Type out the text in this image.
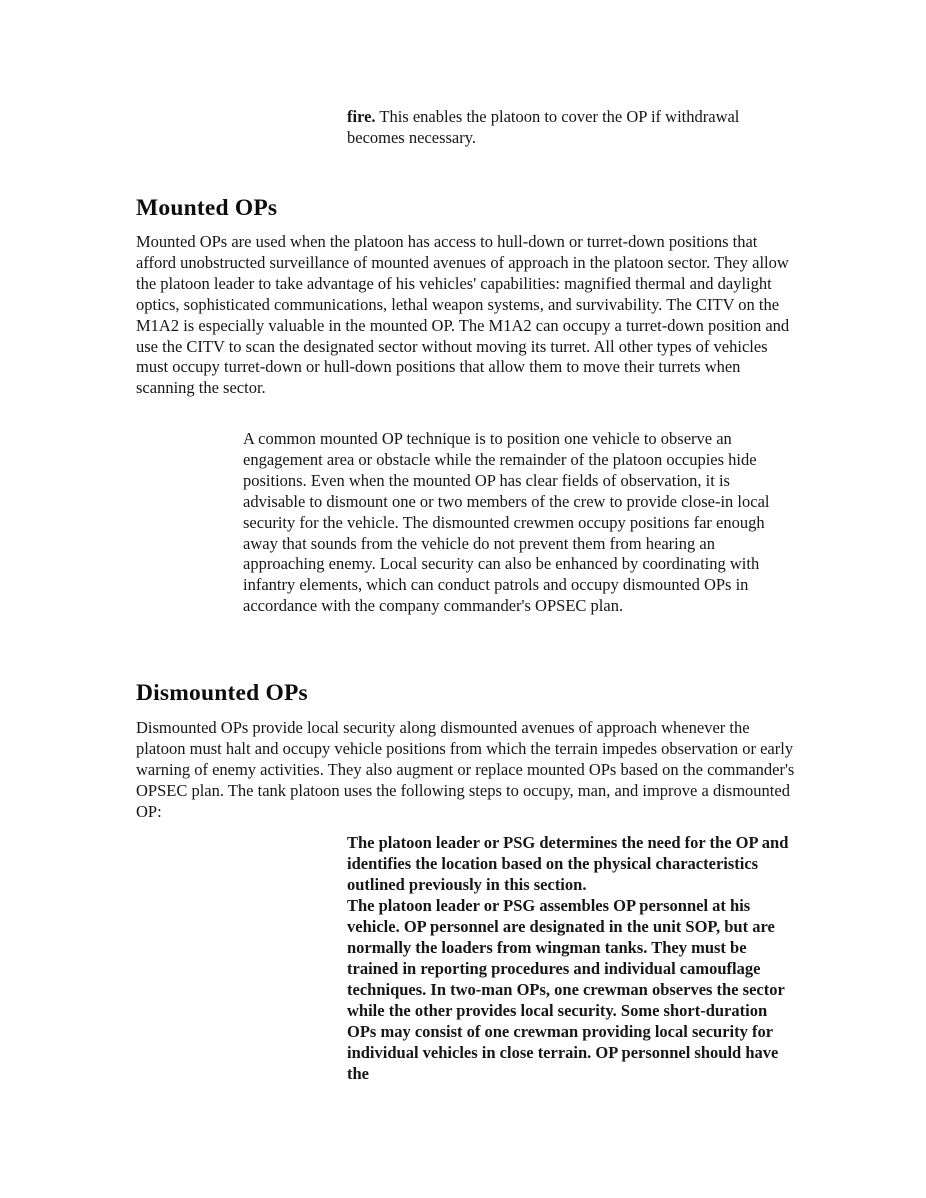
fire. This enables the platoon to cover the OP if withdrawal becomes necessary.
Mounted OPs

Mounted OPs are used when the platoon has access to hull-down or turret-down positions that afford unobstructed surveillance of mounted avenues of approach in the platoon sector. They allow the platoon leader to take advantage of his vehicles' capabilities: magnified thermal and daylight optics, sophisticated communications, lethal weapon systems, and survivability. The CITV on the M1A2 is especially valuable in the mounted OP. The M1A2 can occupy a turret-down position and use the CITV to scan the designated sector without moving its turret. All other types of vehicles must occupy turret-down or hull-down positions that allow them to move their turrets when scanning the sector.

A common mounted OP technique is to position one vehicle to observe an engagement area or obstacle while the remainder of the platoon occupies hide positions. Even when the mounted OP has clear fields of observation, it is advisable to dismount one or two members of the crew to provide close-in local security for the vehicle. The dismounted crewmen occupy positions far enough away that sounds from the vehicle do not prevent them from hearing an approaching enemy. Local security can also be enhanced by coordinating with infantry elements, which can conduct patrols and occupy dismounted OPs in accordance with the company commander's OPSEC plan.

Dismounted OPs

Dismounted OPs provide local security along dismounted avenues of approach whenever the platoon must halt and occupy vehicle positions from which the terrain impedes observation or early warning of enemy activities. They also augment or replace mounted OPs based on the commander's OPSEC plan. The tank platoon uses the following steps to occupy, man, and improve a dismounted OP:

The platoon leader or PSG determines the need for the OP and identifies the location based on the physical characteristics outlined previously in this section.

The platoon leader or PSG assembles OP personnel at his vehicle. OP personnel are designated in the unit SOP, but are normally the loaders from wingman tanks. They must be trained in reporting procedures and individual camouflage techniques. In two-man OPs, one crewman observes the sector while the other provides local security. Some short-duration OPs may consist of one crewman providing local security for individual vehicles in close terrain. OP personnel should have the
